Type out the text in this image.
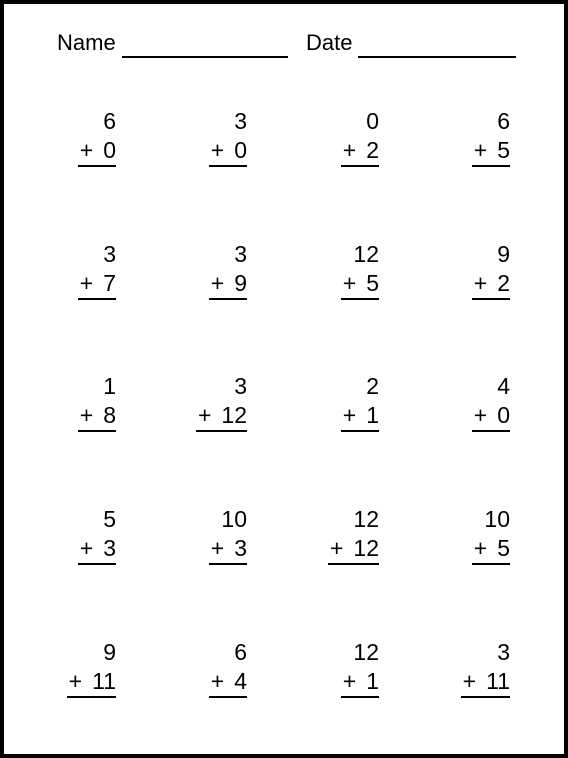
Name	Date
6
+ 0
3
+ 0
0
+ 2
6
+ 5
3
+ 7
3
+ 9
12
+ 5
9
+ 2
1
+ 8
3
+ 12
2
+ 1
4
+ 0
5
+ 3
10
+ 3
12
+ 12
10
+ 5
9
+ 11
6
+ 4
12
+ 1
3
+ 11
